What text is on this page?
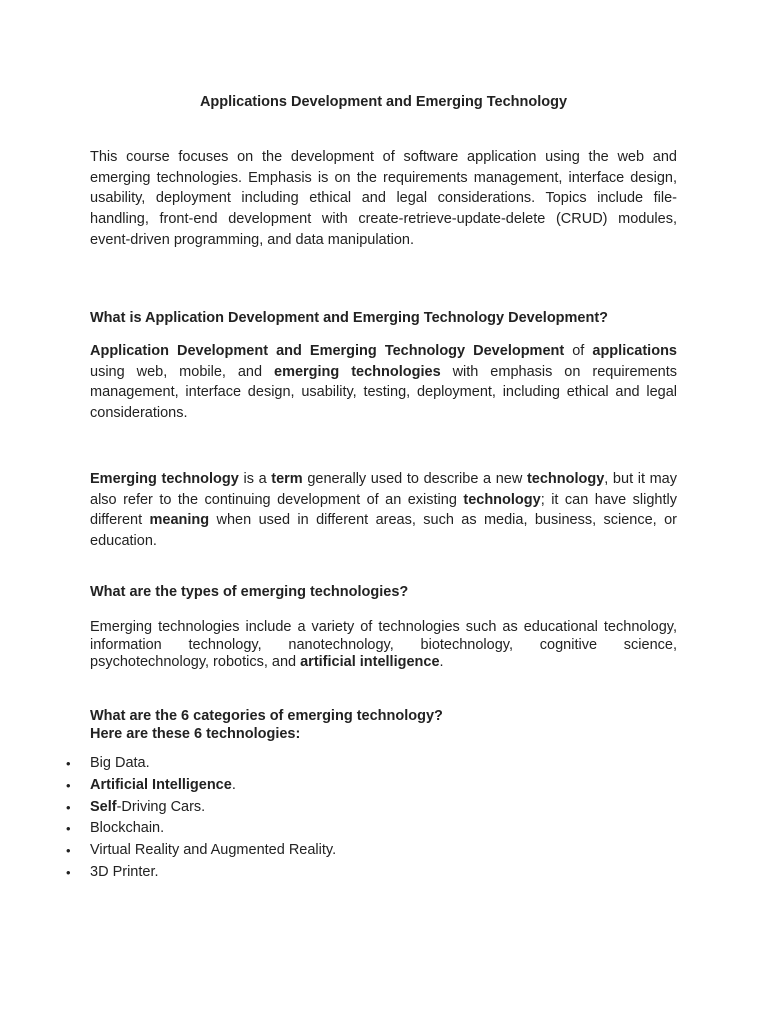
Applications Development and Emerging Technology

This course focuses on the development of software application using the web and emerging technologies. Emphasis is on the requirements management, interface design, usability, deployment including ethical and legal considerations. Topics include file-handling, front-end development with create-retrieve-update-delete (CRUD) modules, event-driven programming, and data manipulation.

What is Application Development and Emerging Technology Development?

Application Development and Emerging Technology Development of applications using web, mobile, and emerging technologies with emphasis on requirements management, interface design, usability, testing, deployment, including ethical and legal considerations.

Emerging technology is a term generally used to describe a new technology, but it may also refer to the continuing development of an existing technology; it can have slightly different meaning when used in different areas, such as media, business, science, or education.

What are the types of emerging technologies?

Emerging technologies include a variety of technologies such as educational technology, information technology, nanotechnology, biotechnology, cognitive science, psychotechnology, robotics, and artificial intelligence.

What are the 6 categories of emerging technology?
Here are these 6 technologies:
• Big Data.
• Artificial Intelligence.
• Self-Driving Cars.
• Blockchain.
• Virtual Reality and Augmented Reality.
• 3D Printer.
